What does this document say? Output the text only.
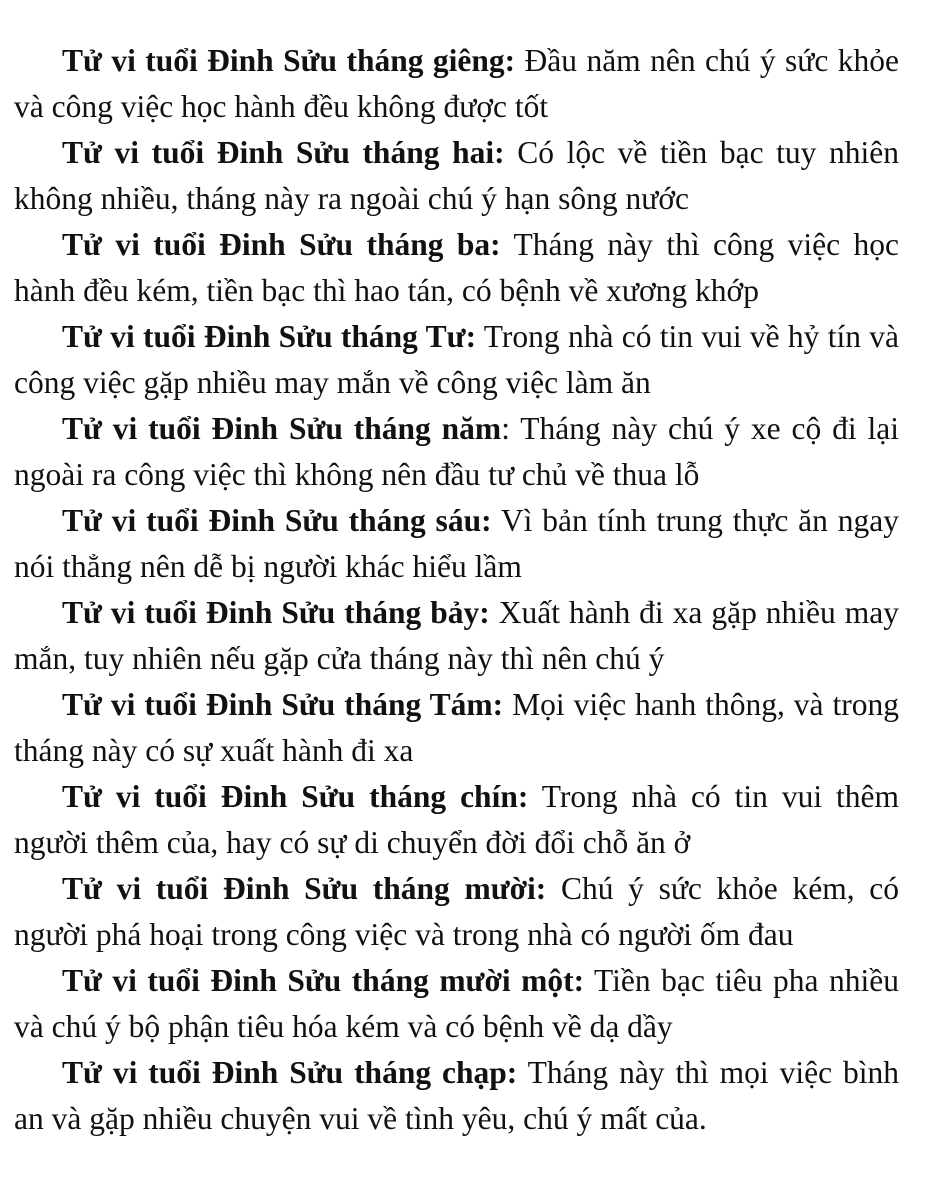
Tử vi tuổi Đinh Sửu tháng giêng: Đầu năm nên chú ý sức khỏe và công việc học hành đều không được tốt

Tử vi tuổi Đinh Sửu tháng hai: Có lộc về tiền bạc tuy nhiên không nhiều, tháng này ra ngoài chú ý hạn sông nước

Tử vi tuổi Đinh Sửu tháng ba: Tháng này thì công việc học hành đều kém, tiền bạc thì hao tán, có bệnh về xương khớp

Tử vi tuổi Đinh Sửu tháng Tư: Trong nhà có tin vui về hỷ tín và công việc gặp nhiều may mắn về công việc làm ăn

Tử vi tuổi Đinh Sửu tháng năm: Tháng này chú ý xe cộ đi lại ngoài ra công việc thì không nên đầu tư chủ về thua lỗ

Tử vi tuổi Đinh Sửu tháng sáu: Vì bản tính trung thực ăn ngay nói thẳng nên dễ bị người khác hiểu lầm

Tử vi tuổi Đinh Sửu tháng bảy: Xuất hành đi xa gặp nhiều may mắn, tuy nhiên nếu gặp cửa tháng này thì nên chú ý

Tử vi tuổi Đinh Sửu tháng Tám: Mọi việc hanh thông, và trong tháng này có sự xuất hành đi xa

Tử vi tuổi Đinh Sửu tháng chín: Trong nhà có tin vui thêm người thêm của, hay có sự di chuyển đời đổi chỗ ăn ở

Tử vi tuổi Đinh Sửu tháng mười: Chú ý sức khỏe kém, có người phá hoại trong công việc và trong nhà có người ốm đau

Tử vi tuổi Đinh Sửu tháng mười một: Tiền bạc tiêu pha nhiều và chú ý bộ phận tiêu hóa kém và có bệnh về dạ dầy

Tử vi tuổi Đinh Sửu tháng chạp: Tháng này thì mọi việc bình an và gặp nhiều chuyện vui về tình yêu, chú ý mất của.
